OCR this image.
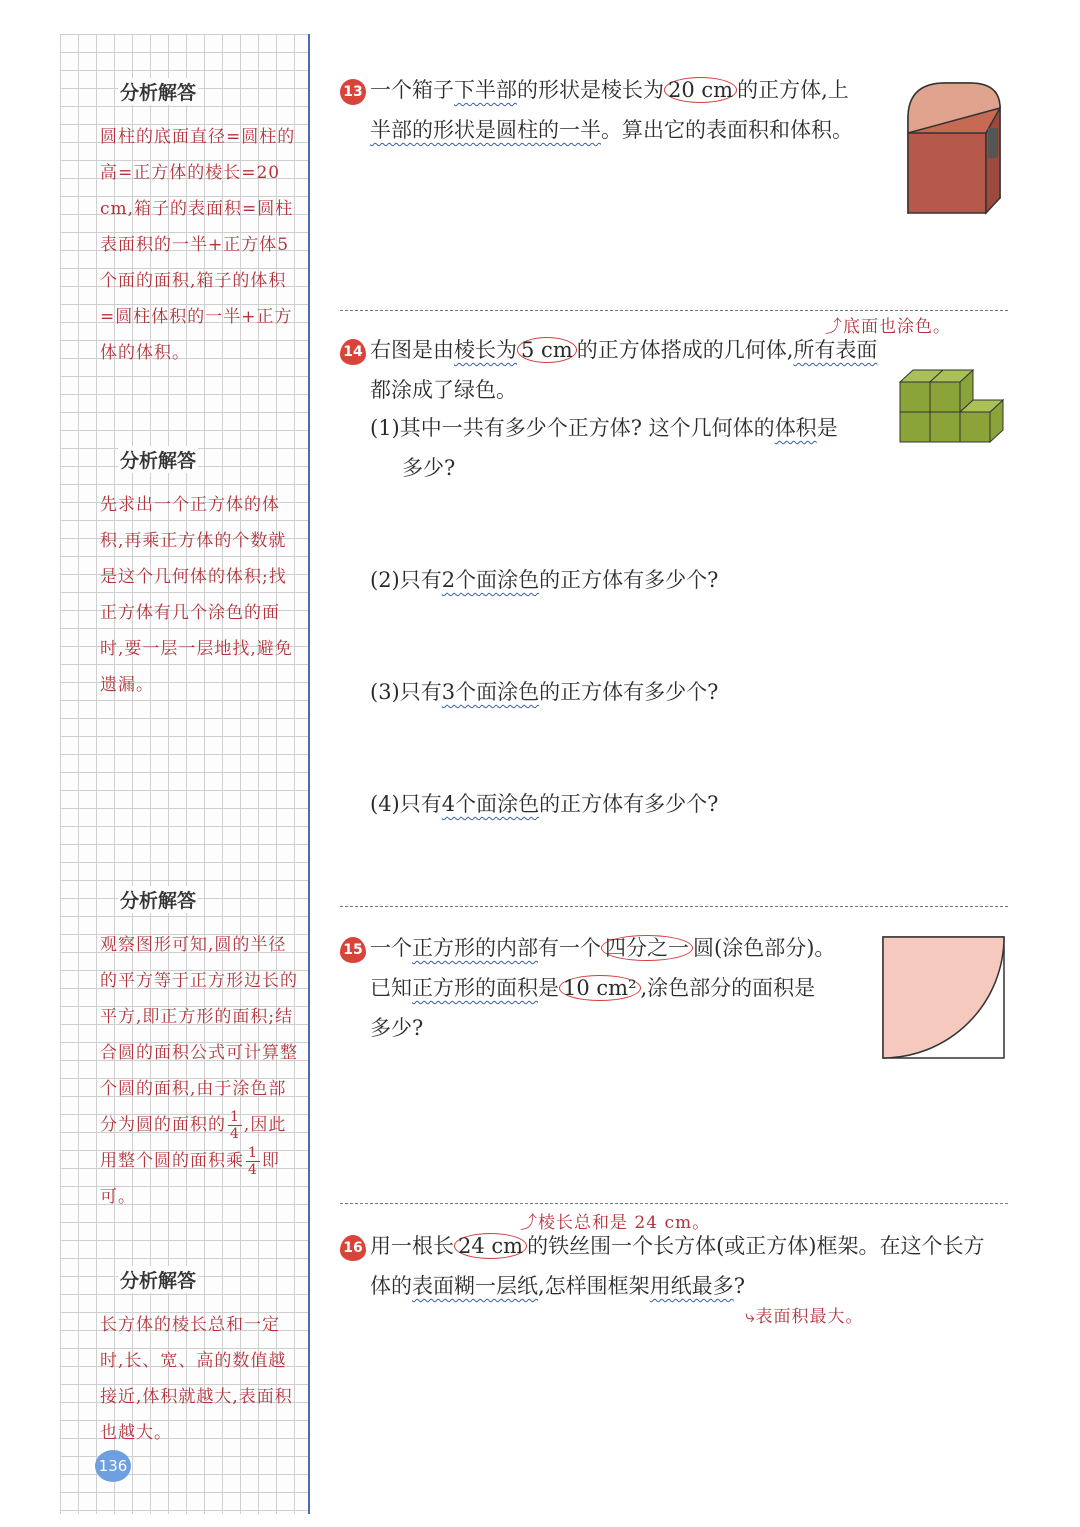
分析解答
圆柱的底面直径=圆柱的高=正方体的棱长=20 cm,箱子的表面积=圆柱表面积的一半+正方体5个面的面积,箱子的体积=圆柱体积的一半+正方体的体积。
分析解答
先求出一个正方体的体积,再乘正方体的个数就是这个几何体的体积;找正方体有几个涂色的面时,要一层一层地找,避免遗漏。
分析解答
观察图形可知,圆的半径的平方等于正方形边长的平方,即正方形的面积;结合圆的面积公式可计算整个圆的面积,由于涂色部分为圆的面积的 $\frac{1}{4}$ ,因此用整个圆的面积乘 $\frac{1}{4}$ 即可。
分析解答
长方体的棱长总和一定时,长、宽、高的数值越接近,体积就越大,表面积也越大。
136
13 一个箱子下半部的形状是棱长为 20 cm 的正方体,上
半部的形状是圆柱的一半。算出它的表面积和体积。
⤴底面也涂色。
14 右图是由棱长为 5 cm 的正方体搭成的几何体,所有表面
都涂成了绿色。
(1)其中一共有多少个正方体? 这个几何体的体积是
多少?
(2)只有2个面涂色的正方体有多少个?
(3)只有3个面涂色的正方体有多少个?
(4)只有4个面涂色的正方体有多少个?
15 一个正方形的内部有一个 四分之一 圆(涂色部分)。
已知正方形的面积是 10 cm² ,涂色部分的面积是
多少?
⤴棱长总和是 24 cm。
16 用一根长 24 cm 的铁丝围一个长方体(或正方体)框架。在这个长方
体的表面糊一层纸,怎样围框架用纸最多?
⤷表面积最大。
